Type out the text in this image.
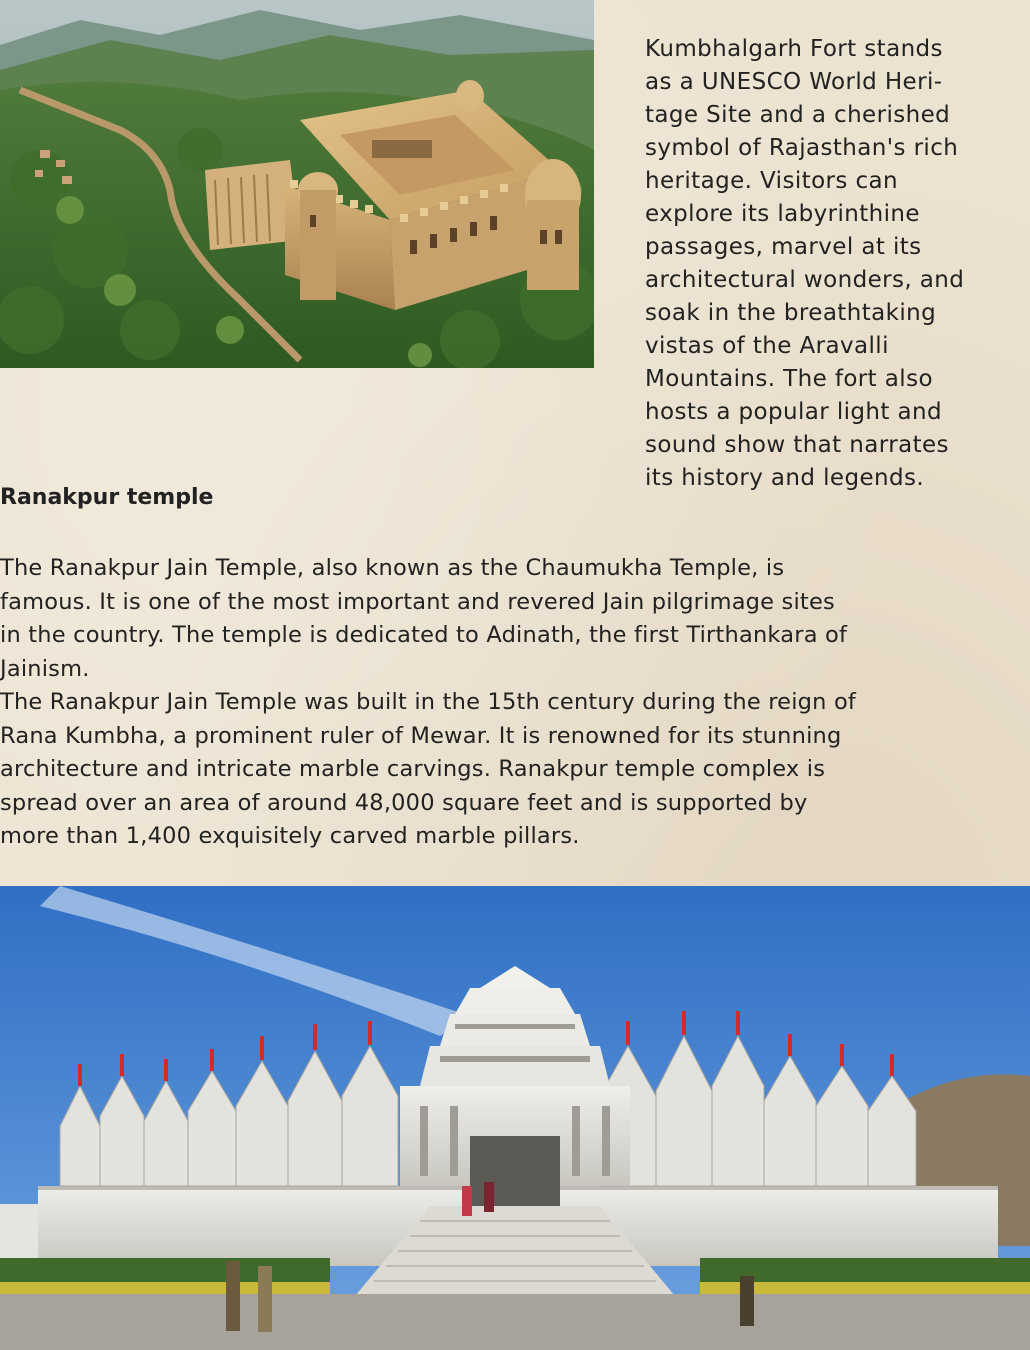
Kumbhalgarh Fort stands
as a UNESCO World Heri-
tage Site and a cherished
symbol of Rajasthan's rich
heritage. Visitors can
explore its labyrinthine
passages, marvel at its
architectural wonders, and
soak in the breathtaking
vistas of the Aravalli
Mountains. The fort also
hosts a popular light and
sound show that narrates
its history and legends.

Ranakpur temple

The Ranakpur Jain Temple, also known as the Chaumukha Temple, is
famous. It is one of the most important and revered Jain pilgrimage sites
in the country. The temple is dedicated to Adinath, the first Tirthankara of
Jainism.

The Ranakpur Jain Temple was built in the 15th century during the reign of
Rana Kumbha, a prominent ruler of Mewar. It is renowned for its stunning
architecture and intricate marble carvings. Ranakpur temple complex is
spread over an area of around 48,000 square feet and is supported by
more than 1,400 exquisitely carved marble pillars.
